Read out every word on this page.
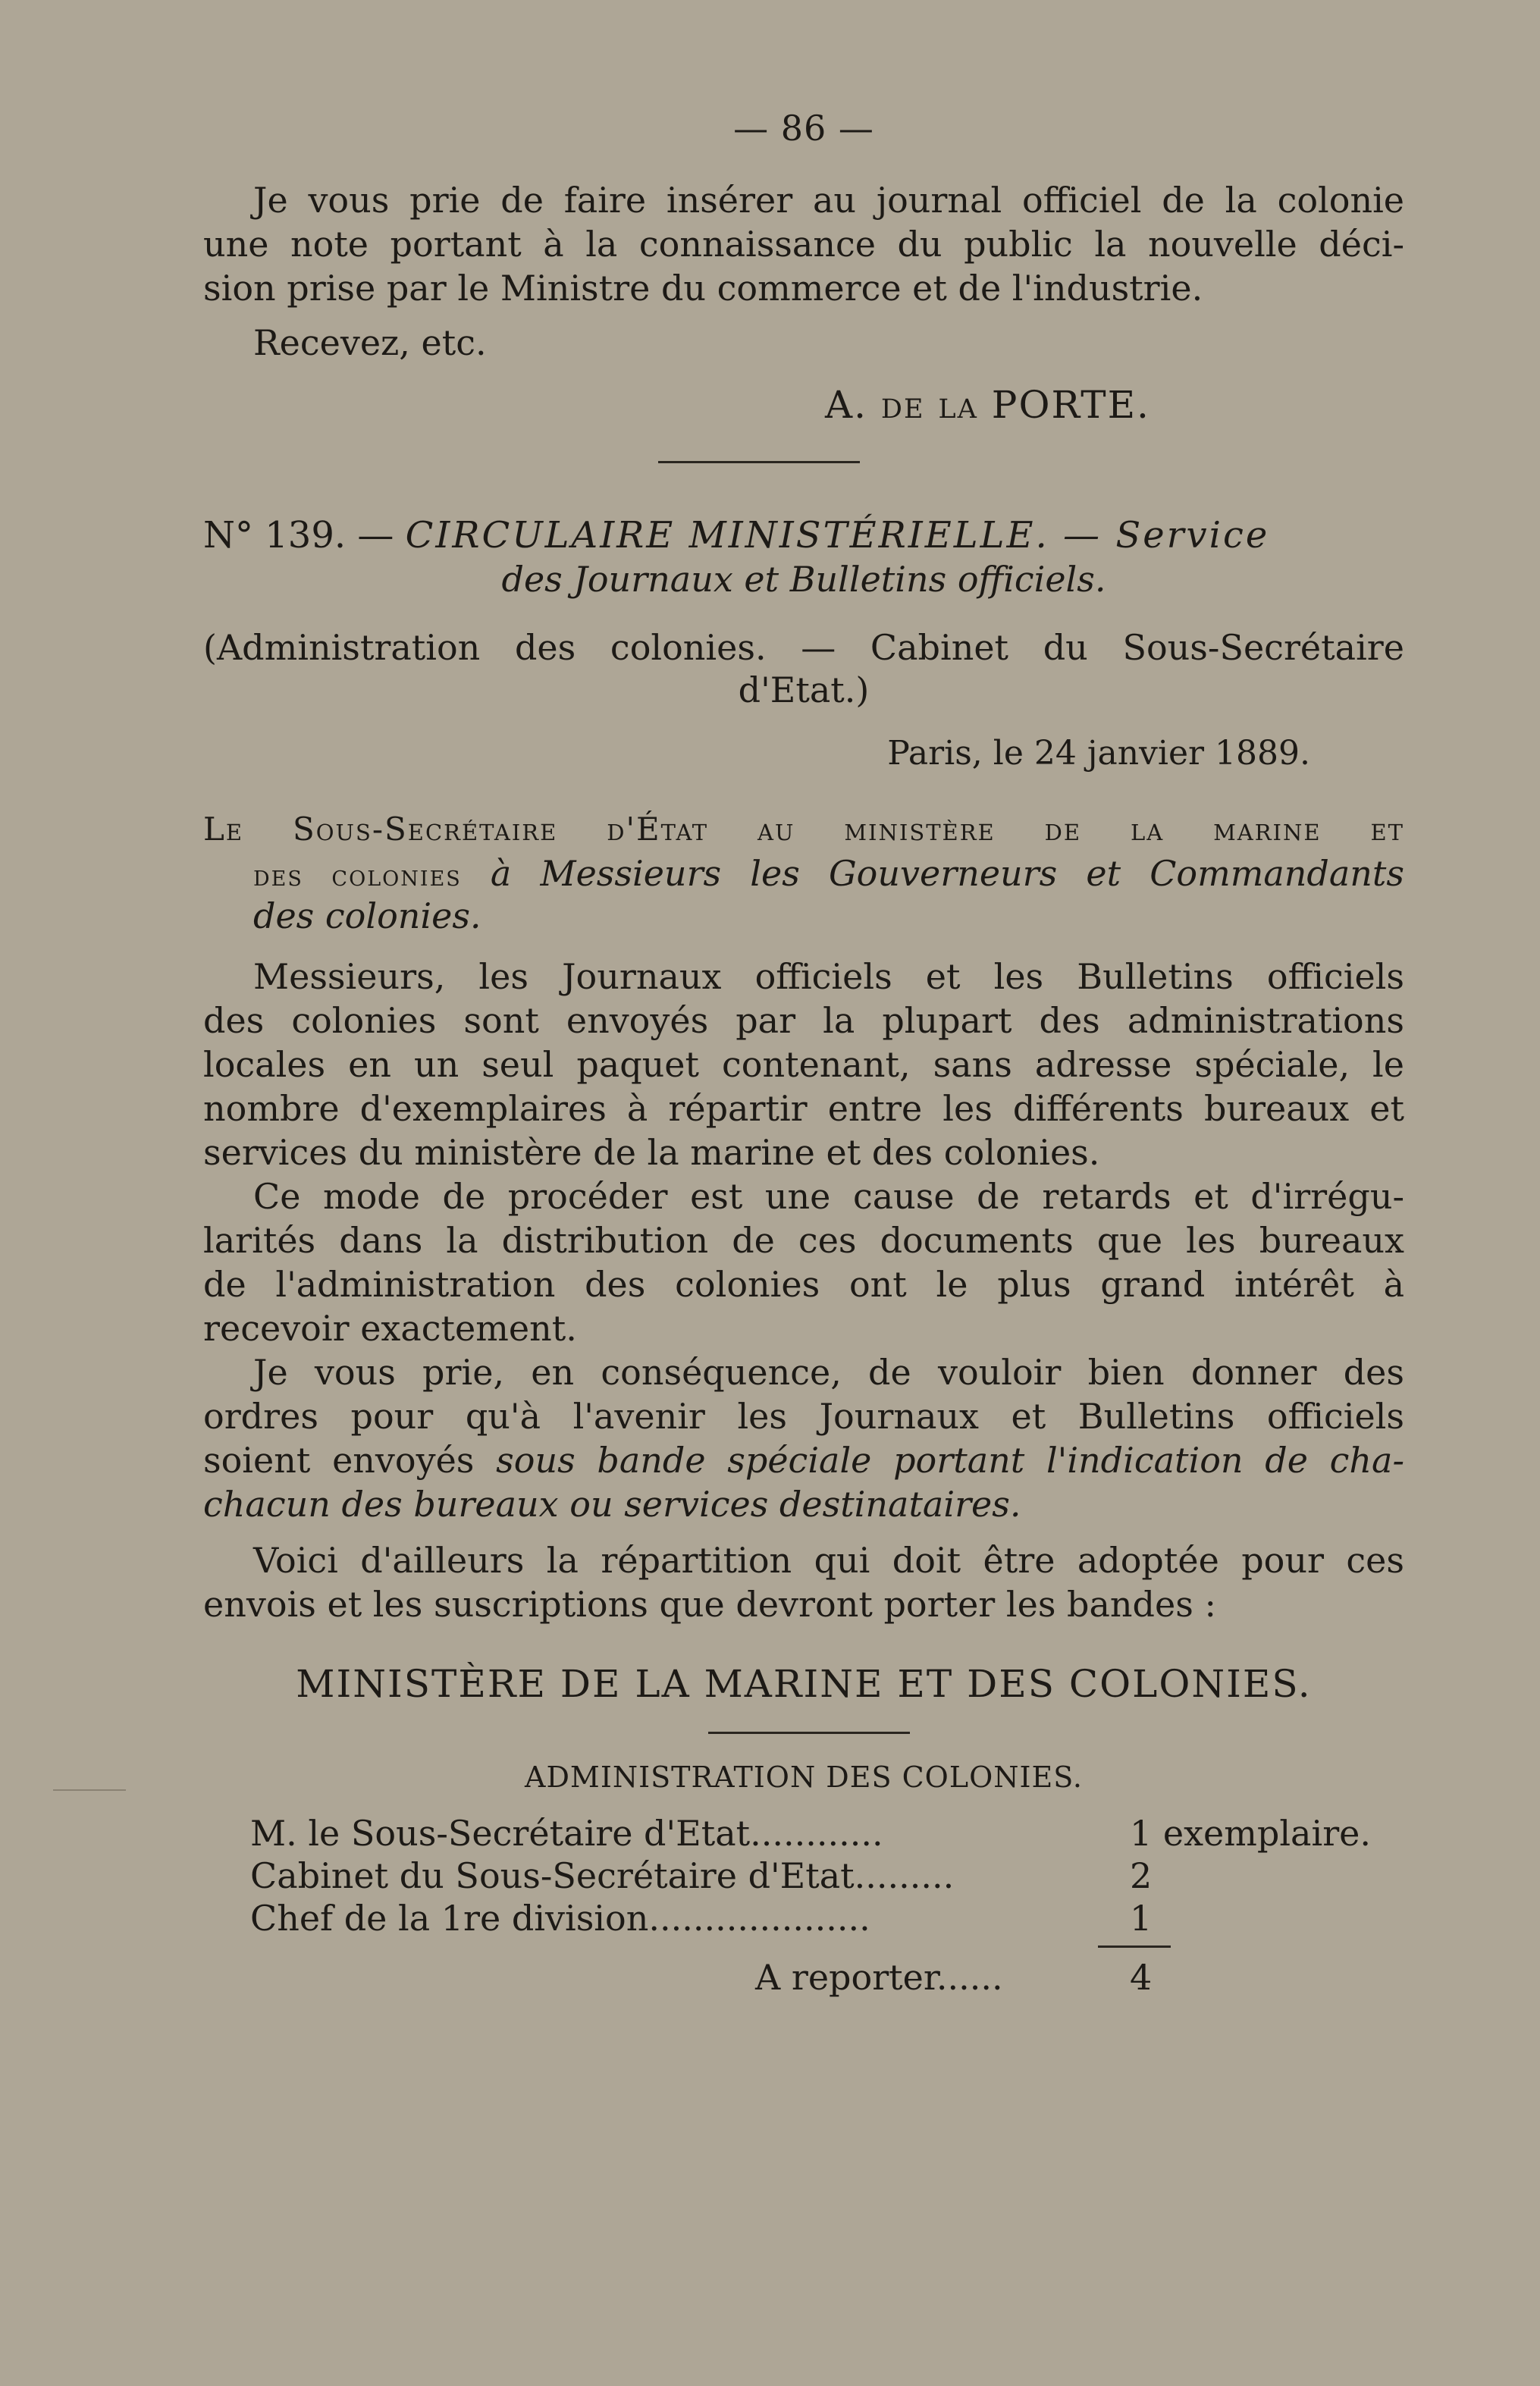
— 86 —
Je vous prie de faire insérer au journal officiel de la colonie
une note portant à la connaissance du public la nouvelle déci-
sion prise par le Ministre du commerce et de l'industrie.
Recevez, etc.
A. de la PORTE.
N° 139. — CIRCULAIRE MINISTÉRIELLE. — Service
des Journaux et Bulletins officiels.
(Administration des colonies. — Cabinet du Sous-Secrétaire
d'Etat.)
Paris, le 24 janvier 1889.
Le Sous-Secrétaire d'État au ministère de la marine et
des colonies à Messieurs les Gouverneurs et Commandants
des colonies.
Messieurs, les Journaux officiels et les Bulletins officiels
des colonies sont envoyés par la plupart des administrations
locales en un seul paquet contenant, sans adresse spéciale, le
nombre d'exemplaires à répartir entre les différents bureaux et
services du ministère de la marine et des colonies.
Ce mode de procéder est une cause de retards et d'irrégu-
larités dans la distribution de ces documents que les bureaux
de l'administration des colonies ont le plus grand intérêt à
recevoir exactement.
Je vous prie, en conséquence, de vouloir bien donner des
ordres pour qu'à l'avenir les Journaux et Bulletins officiels
soient envoyés sous bande spéciale portant l'indication de cha-
chacun des bureaux ou services destinataires.
Voici d'ailleurs la répartition qui doit être adoptée pour ces
envois et les suscriptions que devront porter les bandes :
MINISTÈRE DE LA MARINE ET DES COLONIES.
ADMINISTRATION DES COLONIES.
M. le Sous-Secrétaire d'Etat............	1 exemplaire.
Cabinet du Sous-Secrétaire d'Etat.........	2
Chef de la 1re division....................	1
A reporter......	4
